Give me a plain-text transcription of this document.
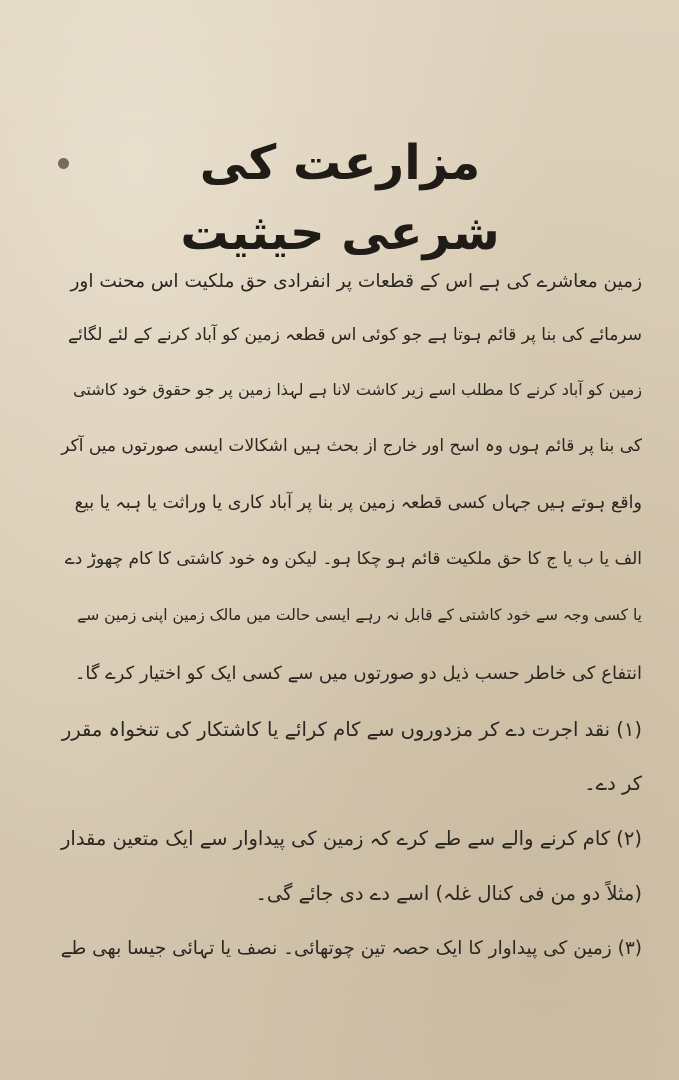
مزارعت کی شرعی حیثیت
زمین معاشرے کی ہے اس کے قطعات پر انفرادی حق ملکیت اس محنت اور
سرمائے کی بنا پر قائم ہوتا ہے جو کوئی اس قطعہ زمین کو آباد کرنے کے لئے لگائے
زمین کو آباد کرنے کا مطلب اسے زیر کاشت لانا ہے لہذا زمین پر جو حقوق خود کاشتی
کی بنا پر قائم ہوں وہ اسح اور خارج از بحث ہیں اشکالات ایسی صورتوں میں آکر
واقع ہوتے ہیں جہاں کسی قطعہ زمین پر بنا پر آباد کاری یا وراثت یا ہبہ یا بیع
الف یا ب یا ج کا حق ملکیت قائم ہو چکا ہو۔ لیکن وہ خود کاشتی کا کام چھوڑ دے
یا کسی وجہ سے خود کاشتی کے قابل نہ رہے ایسی حالت میں مالک زمین اپنی زمین سے
انتفاع کی خاطر حسب ذیل دو صورتوں میں سے کسی ایک کو اختیار کرے گا۔
(۱) نقد اجرت دے کر مزدوروں سے کام کرائے یا کاشتکار کی تنخواہ مقرر
کر دے۔
(۲) کام کرنے والے سے طے کرے کہ زمین کی پیداوار سے ایک متعین مقدار
(مثلاً دو من فی کنال غلہ) اسے دے دی جائے گی۔
(۳) زمین کی پیداوار کا ایک حصہ تین چوتھائی۔ نصف یا تہائی جیسا بھی طے
